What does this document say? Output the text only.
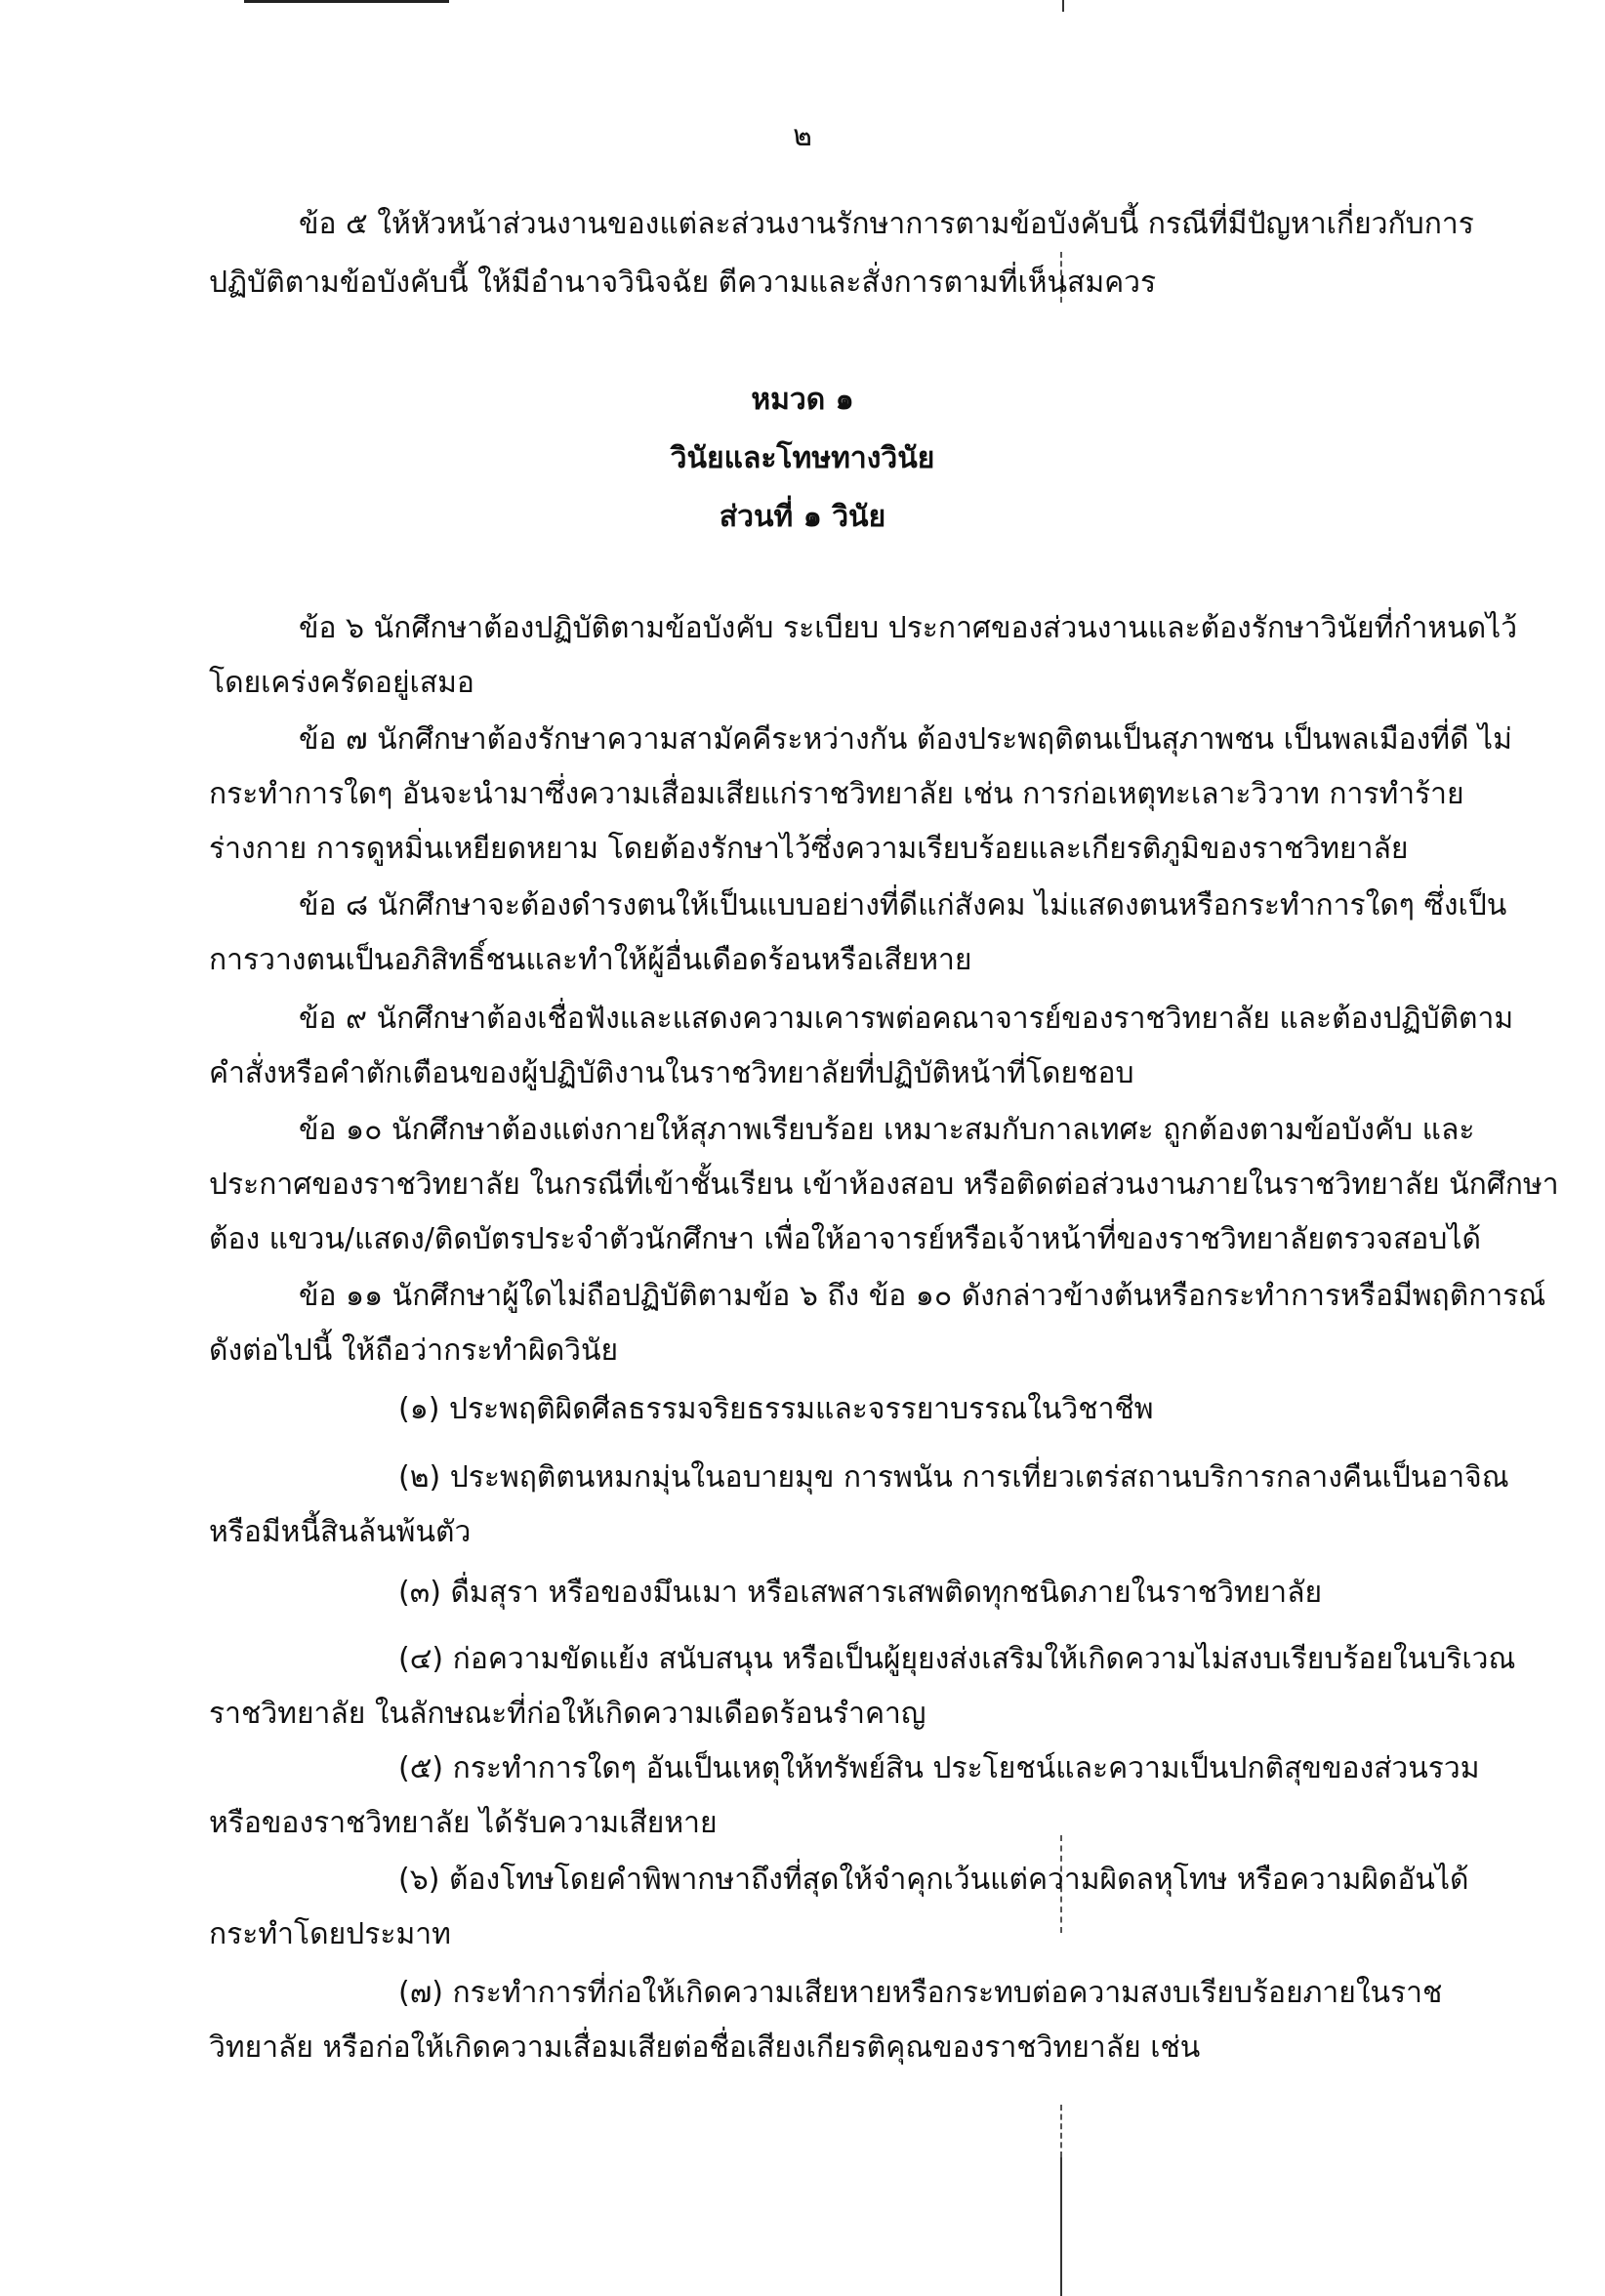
๒
ข้อ ๕ ให้หัวหน้าส่วนงานของแต่ละส่วนงานรักษาการตามข้อบังคับนี้ กรณีที่มีปัญหาเกี่ยวกับการ
ปฏิบัติตามข้อบังคับนี้ ให้มีอำนาจวินิจฉัย ตีความและสั่งการตามที่เห็นสมควร
หมวด ๑
วินัยและโทษทางวินัย
ส่วนที่ ๑ วินัย
ข้อ ๖ นักศึกษาต้องปฏิบัติตามข้อบังคับ ระเบียบ ประกาศของส่วนงานและต้องรักษาวินัยที่กำหนดไว้
โดยเคร่งครัดอยู่เสมอ
ข้อ ๗ นักศึกษาต้องรักษาความสามัคคีระหว่างกัน ต้องประพฤติตนเป็นสุภาพชน เป็นพลเมืองที่ดี ไม่
กระทำการใดๆ อันจะนำมาซึ่งความเสื่อมเสียแก่ราชวิทยาลัย เช่น การก่อเหตุทะเลาะวิวาท การทำร้าย
ร่างกาย การดูหมิ่นเหยียดหยาม โดยต้องรักษาไว้ซึ่งความเรียบร้อยและเกียรติภูมิของราชวิทยาลัย
ข้อ ๘ นักศึกษาจะต้องดำรงตนให้เป็นแบบอย่างที่ดีแก่สังคม ไม่แสดงตนหรือกระทำการใดๆ ซึ่งเป็น
การวางตนเป็นอภิสิทธิ์ชนและทำให้ผู้อื่นเดือดร้อนหรือเสียหาย
ข้อ ๙ นักศึกษาต้องเชื่อฟังและแสดงความเคารพต่อคณาจารย์ของราชวิทยาลัย และต้องปฏิบัติตาม
คำสั่งหรือคำตักเตือนของผู้ปฏิบัติงานในราชวิทยาลัยที่ปฏิบัติหน้าที่โดยชอบ
ข้อ ๑๐ นักศึกษาต้องแต่งกายให้สุภาพเรียบร้อย เหมาะสมกับกาลเทศะ ถูกต้องตามข้อบังคับ และ
ประกาศของราชวิทยาลัย ในกรณีที่เข้าชั้นเรียน เข้าห้องสอบ หรือติดต่อส่วนงานภายในราชวิทยาลัย นักศึกษา
ต้อง แขวน/แสดง/ติดบัตรประจำตัวนักศึกษา เพื่อให้อาจารย์หรือเจ้าหน้าที่ของราชวิทยาลัยตรวจสอบได้
ข้อ ๑๑ นักศึกษาผู้ใดไม่ถือปฏิบัติตามข้อ ๖ ถึง ข้อ ๑๐ ดังกล่าวข้างต้นหรือกระทำการหรือมีพฤติการณ์
ดังต่อไปนี้ ให้ถือว่ากระทำผิดวินัย
(๑) ประพฤติผิดศีลธรรมจริยธรรมและจรรยาบรรณในวิชาชีพ
(๒) ประพฤติตนหมกมุ่นในอบายมุข การพนัน การเที่ยวเตร่สถานบริการกลางคืนเป็นอาจิณ
หรือมีหนี้สินล้นพ้นตัว
(๓) ดื่มสุรา หรือของมึนเมา หรือเสพสารเสพติดทุกชนิดภายในราชวิทยาลัย
(๔) ก่อความขัดแย้ง สนับสนุน หรือเป็นผู้ยุยงส่งเสริมให้เกิดความไม่สงบเรียบร้อยในบริเวณ
ราชวิทยาลัย ในลักษณะที่ก่อให้เกิดความเดือดร้อนรำคาญ
(๕) กระทำการใดๆ อันเป็นเหตุให้ทรัพย์สิน ประโยชน์และความเป็นปกติสุขของส่วนรวม
หรือของราชวิทยาลัย ได้รับความเสียหาย
(๖) ต้องโทษโดยคำพิพากษาถึงที่สุดให้จำคุกเว้นแต่ความผิดลหุโทษ หรือความผิดอันได้
กระทำโดยประมาท
(๗) กระทำการที่ก่อให้เกิดความเสียหายหรือกระทบต่อความสงบเรียบร้อยภายในราช
วิทยาลัย หรือก่อให้เกิดความเสื่อมเสียต่อชื่อเสียงเกียรติคุณของราชวิทยาลัย เช่น
